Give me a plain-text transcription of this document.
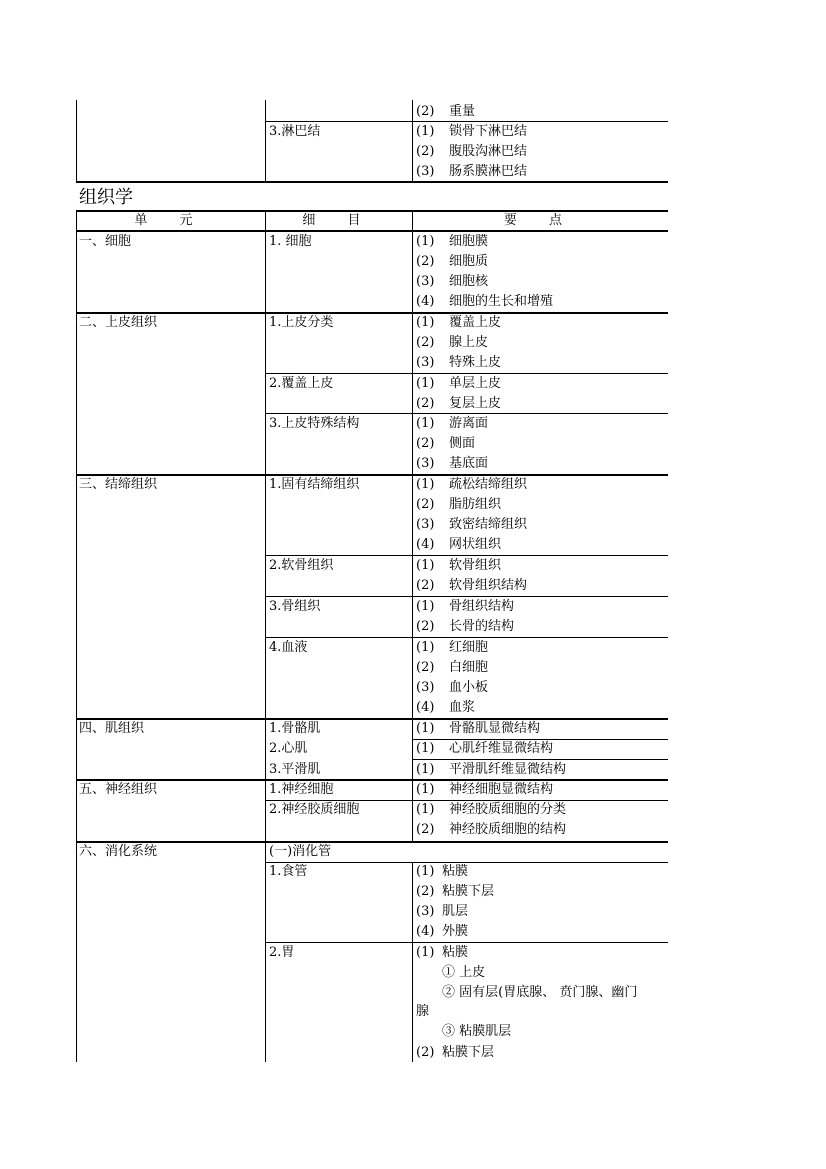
(2) 重量
3.淋巴结	(1) 锁骨下淋巴结
(2) 腹股沟淋巴结
(3) 肠系膜淋巴结
组织学
单 元	细 目	要 点
一、细胞	1. 细胞	(1) 细胞膜
(2) 细胞质
(3) 细胞核
(4) 细胞的生长和增殖
二、上皮组织	1.上皮分类	(1) 覆盖上皮
(2) 腺上皮
(3) 特殊上皮
2.覆盖上皮	(1) 单层上皮
(2) 复层上皮
3.上皮特殊结构	(1) 游离面
(2) 侧面
(3) 基底面
三、结缔组织	1.固有结缔组织	(1) 疏松结缔组织
(2) 脂肪组织
(3) 致密结缔组织
(4) 网状组织
2.软骨组织	(1) 软骨组织
(2) 软骨组织结构
3.骨组织	(1) 骨组织结构
(2) 长骨的结构
4.血液	(1) 红细胞
(2) 白细胞
(3) 血小板
(4) 血浆
四、肌组织	1.骨骼肌	(1) 骨骼肌显微结构
2.心肌	(1) 心肌纤维显微结构
3.平滑肌	(1) 平滑肌纤维显微结构
五、神经组织	1.神经细胞	(1) 神经细胞显微结构
2.神经胶质细胞	(1) 神经胶质细胞的分类
(2) 神经胶质细胞的结构
六、消化系统	(一)消化管
1.食管	(1) 粘膜
(2) 粘膜下层
(3) 肌层
(4) 外膜
2.胃	(1) 粘膜
① 上皮
② 固有层(胃底腺、 贲门腺、幽门
腺
③ 粘膜肌层
(2) 粘膜下层
